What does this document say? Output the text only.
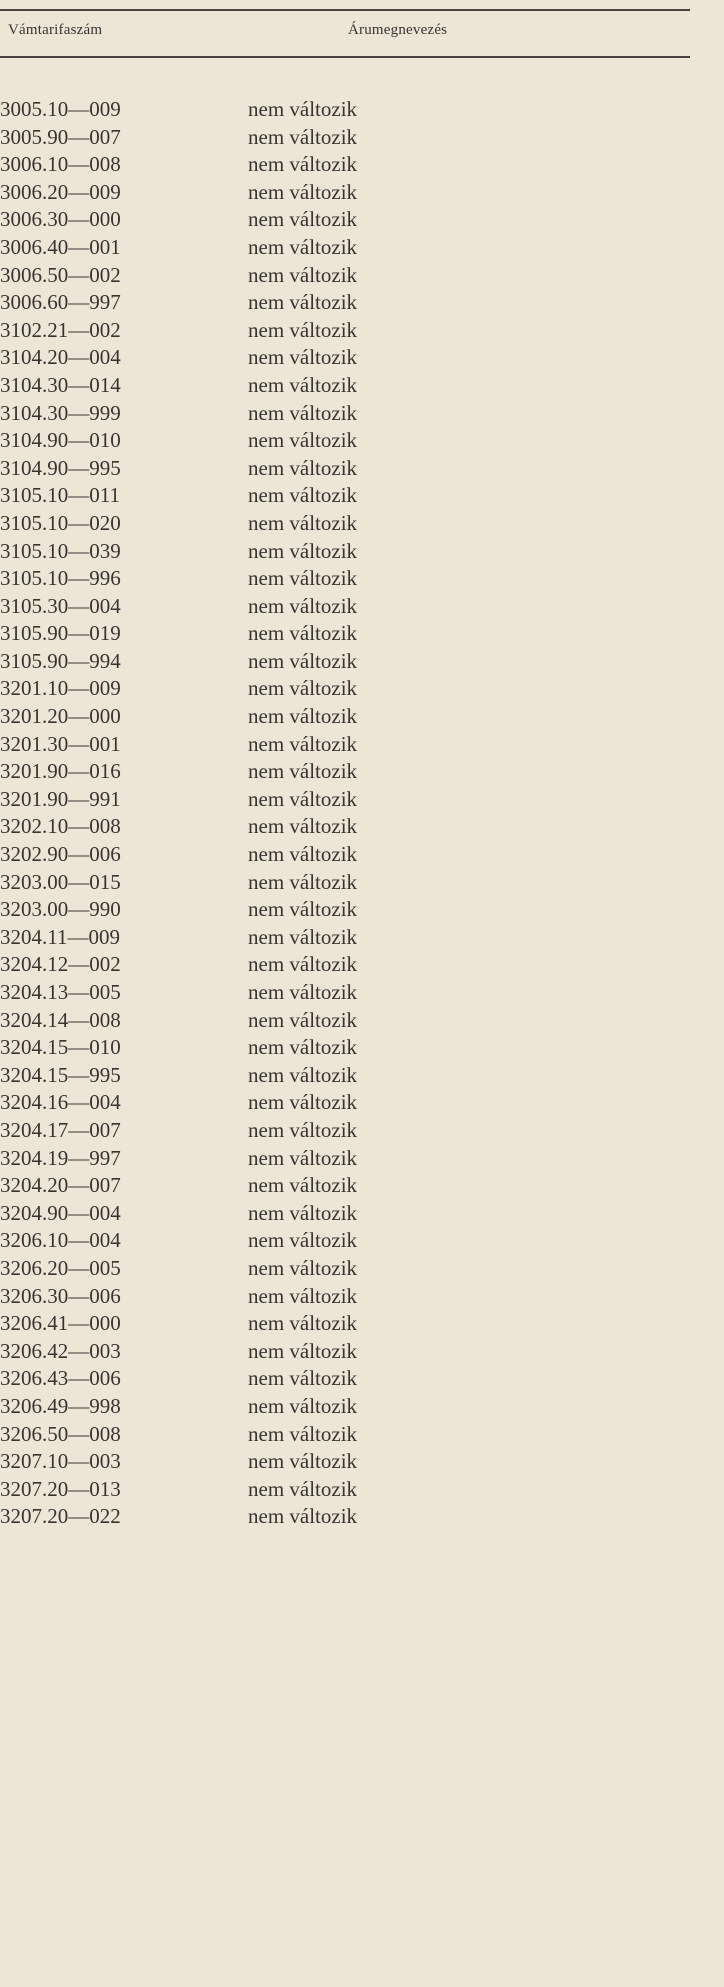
Vámtarifaszám	Árumegnevezés
3005.10—009	nem változik
3005.90—007	nem változik
3006.10—008	nem változik
3006.20—009	nem változik
3006.30—000	nem változik
3006.40—001	nem változik
3006.50—002	nem változik
3006.60—997	nem változik
3102.21—002	nem változik
3104.20—004	nem változik
3104.30—014	nem változik
3104.30—999	nem változik
3104.90—010	nem változik
3104.90—995	nem változik
3105.10—011	nem változik
3105.10—020	nem változik
3105.10—039	nem változik
3105.10—996	nem változik
3105.30—004	nem változik
3105.90—019	nem változik
3105.90—994	nem változik
3201.10—009	nem változik
3201.20—000	nem változik
3201.30—001	nem változik
3201.90—016	nem változik
3201.90—991	nem változik
3202.10—008	nem változik
3202.90—006	nem változik
3203.00—015	nem változik
3203.00—990	nem változik
3204.11—009	nem változik
3204.12—002	nem változik
3204.13—005	nem változik
3204.14—008	nem változik
3204.15—010	nem változik
3204.15—995	nem változik
3204.16—004	nem változik
3204.17—007	nem változik
3204.19—997	nem változik
3204.20—007	nem változik
3204.90—004	nem változik
3206.10—004	nem változik
3206.20—005	nem változik
3206.30—006	nem változik
3206.41—000	nem változik
3206.42—003	nem változik
3206.43—006	nem változik
3206.49—998	nem változik
3206.50—008	nem változik
3207.10—003	nem változik
3207.20—013	nem változik
3207.20—022	nem változik
